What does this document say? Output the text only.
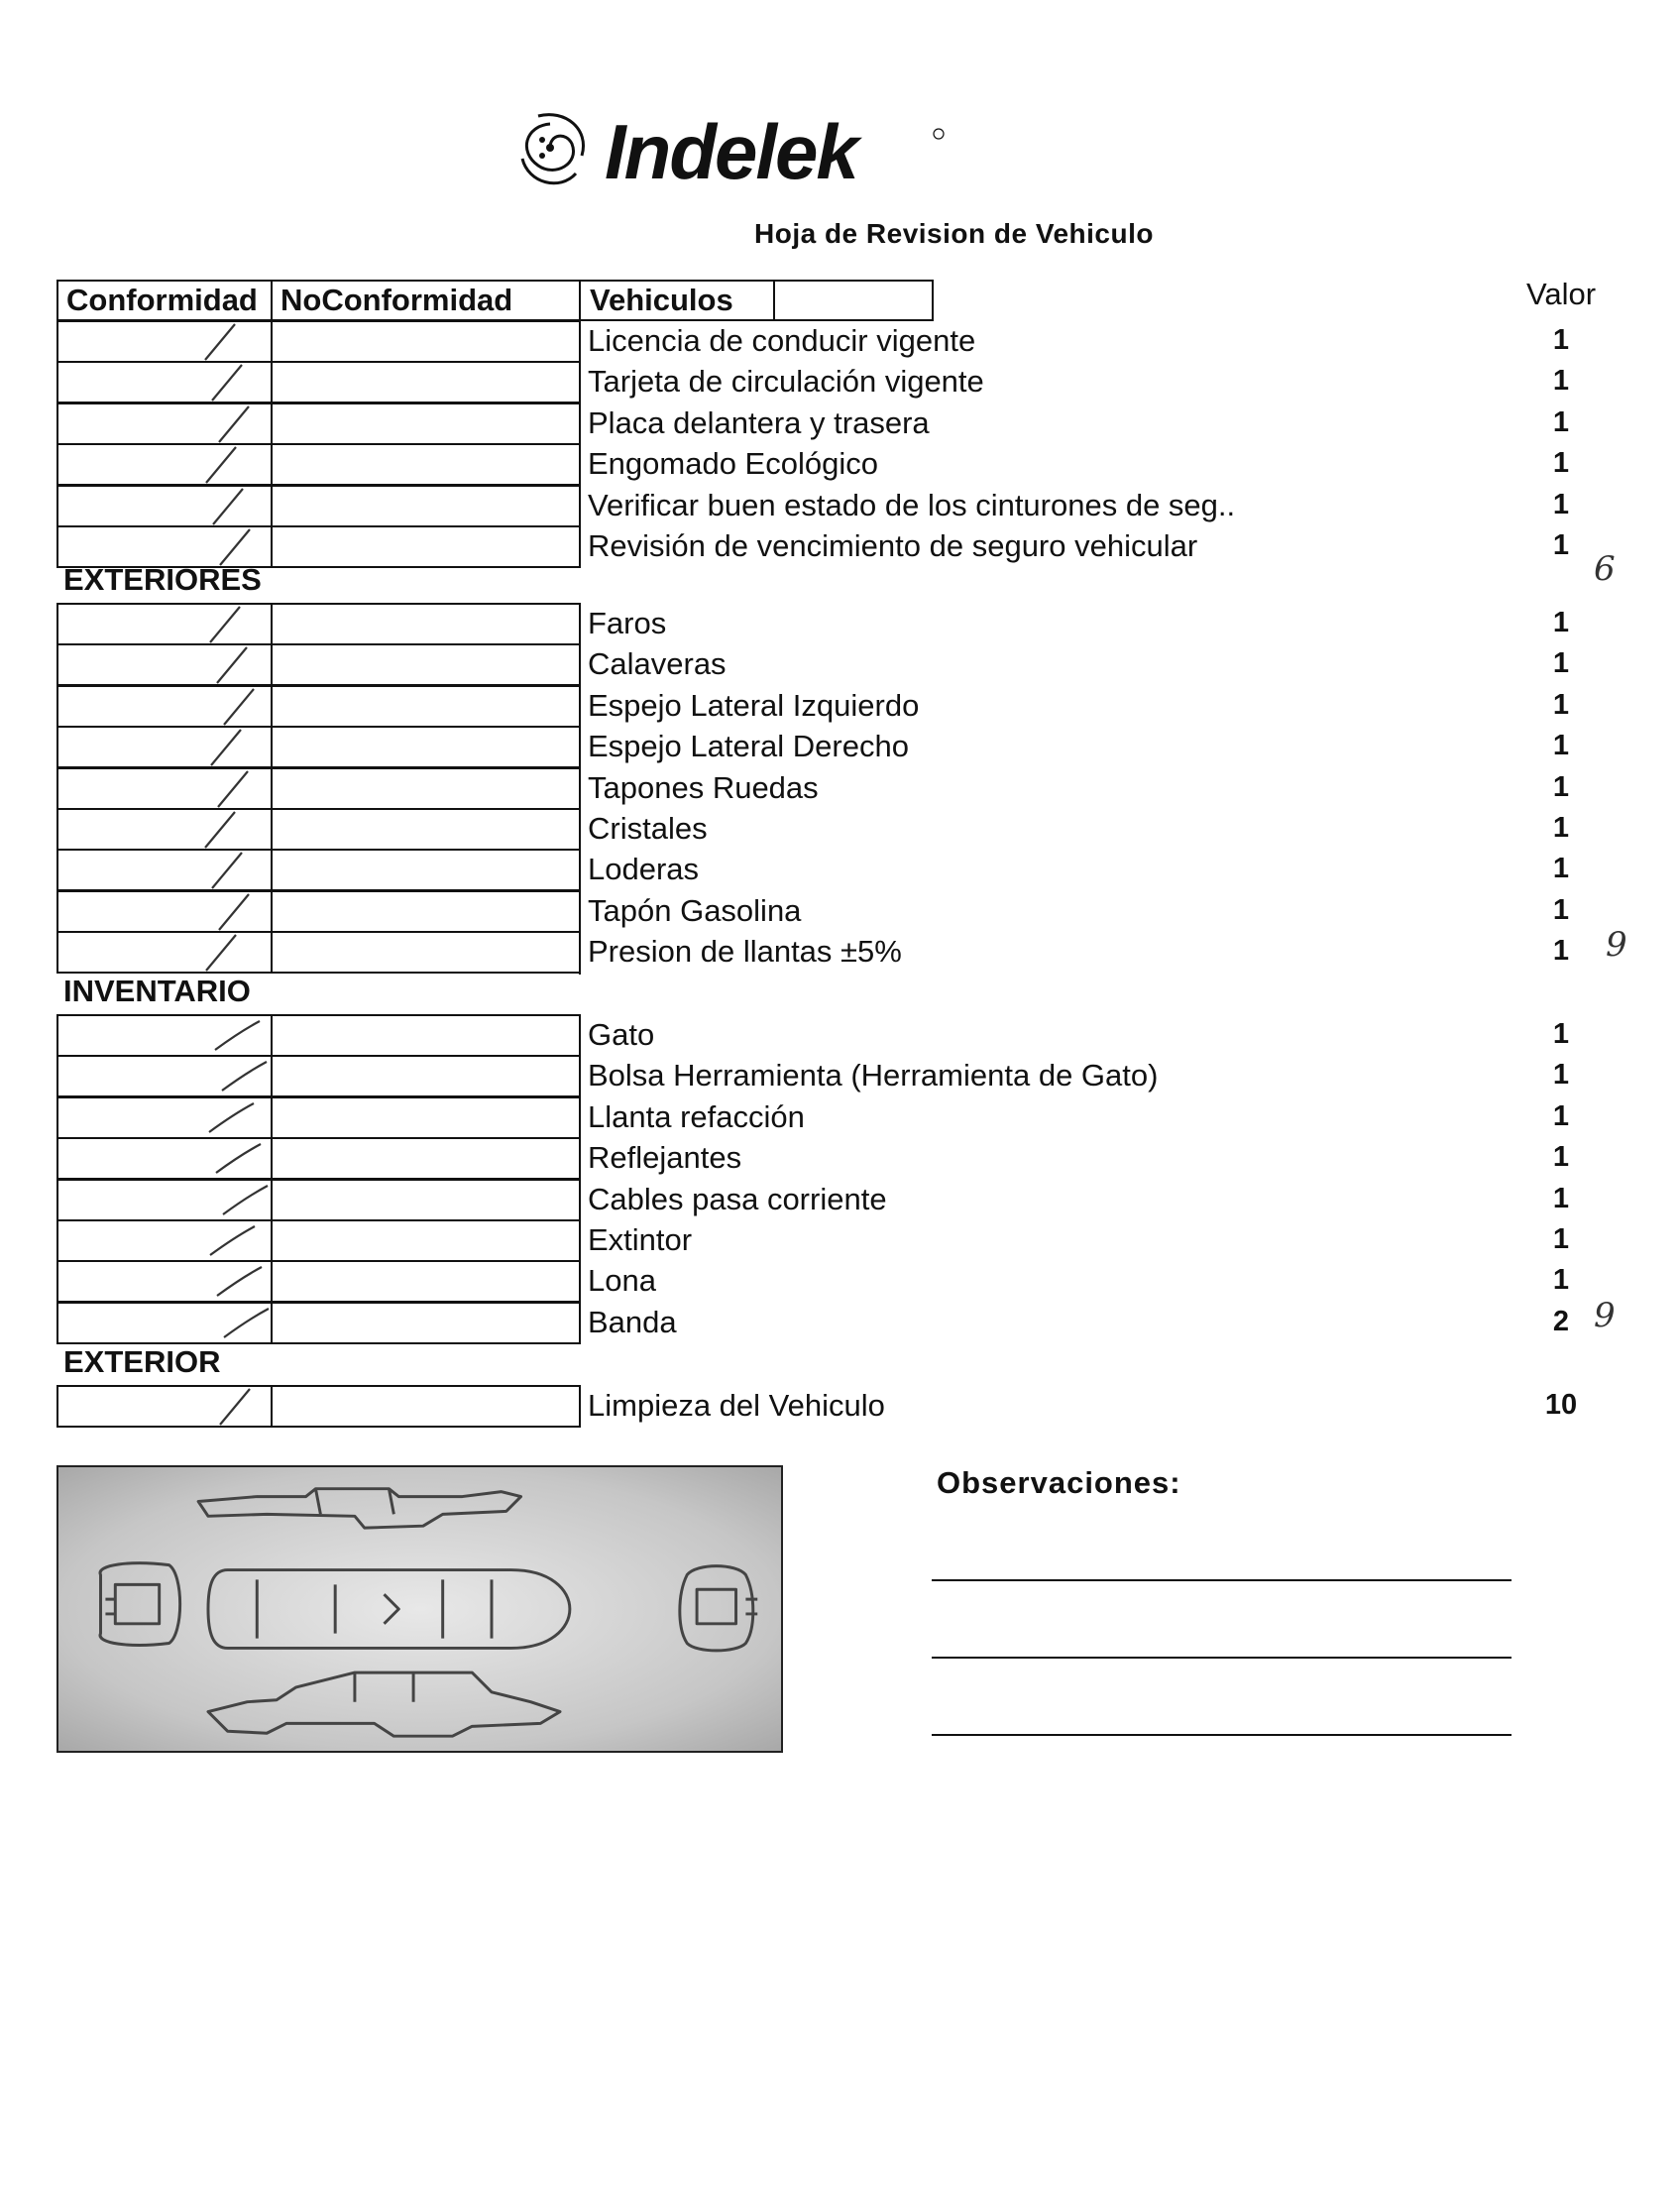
Indelek
Hoja de Revision de Vehiculo
Conformidad NoConformidad	Vehiculos	Valor
Licencia de conducir vigente	1
Tarjeta de circulación vigente	1
Placa delantera y trasera	1
Engomado Ecológico	1
Verificar buen estado de los cinturones de seg..	1
Revisión de vencimiento de seguro vehicular	1
EXTERIORES
Faros	1
Calaveras	1
Espejo Lateral Izquierdo	1
Espejo Lateral Derecho	1
Tapones Ruedas	1
Cristales	1
Loderas	1
Tapón Gasolina	1
Presion de llantas ±5%	1
INVENTARIO
Gato	1
Bolsa Herramienta (Herramienta de Gato)	1
Llanta refacción	1
Reflejantes	1
Cables pasa corriente	1
Extintor	1
Lona	1
Banda	2
EXTERIOR
Limpieza del Vehiculo	10
6
9
9
Observaciones:
